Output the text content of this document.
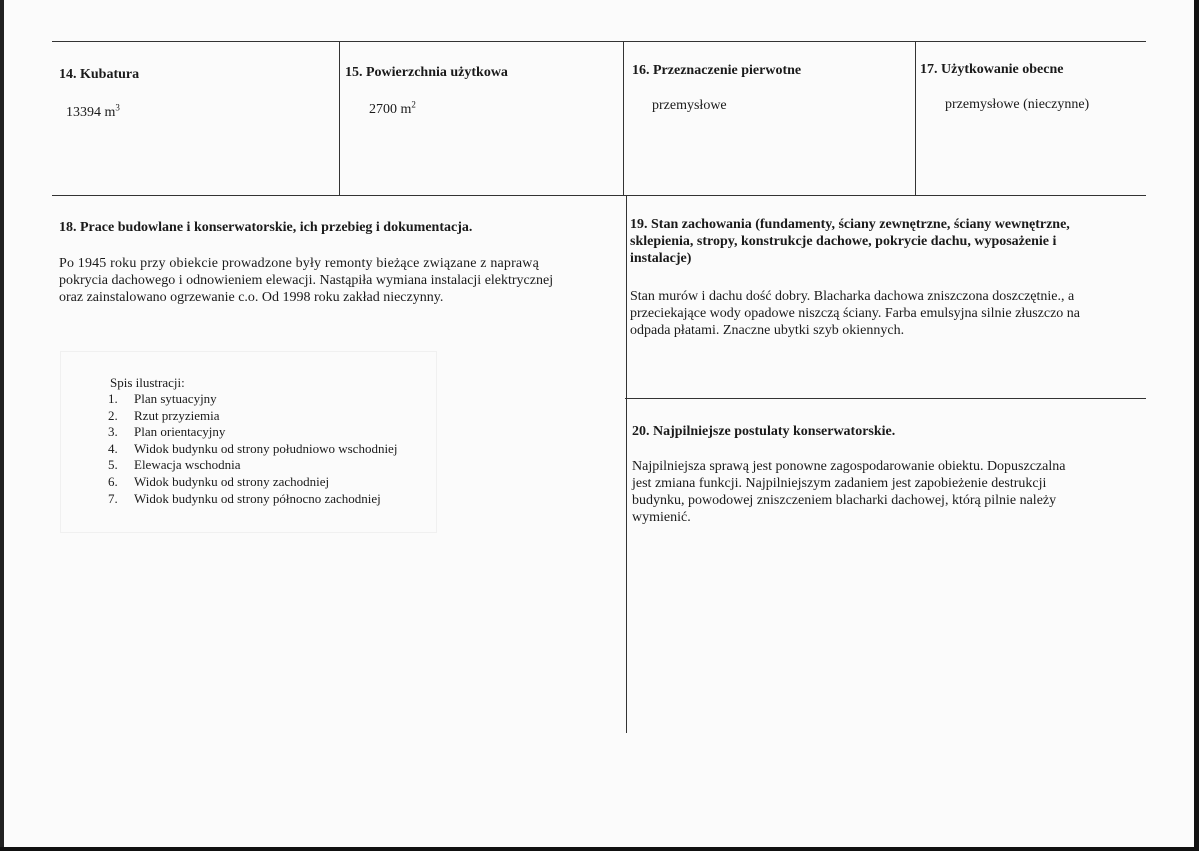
14. Kubatura
13394 $m^3$
15. Powierzchnia użytkowa
2700 $m^2$
16. Przeznaczenie pierwotne
przemysłowe
17. Użytkowanie obecne
przemysłowe (nieczynne)
18. Prace budowlane i konserwatorskie, ich przebieg i dokumentacja.
Po 1945 roku przy obiekcie prowadzone były remonty bieżące związane z naprawą
pokrycia dachowego i odnowieniem elewacji. Nastąpiła wymiana instalacji elektrycznej
oraz zainstalowano ogrzewanie c.o. Od 1998 roku zakład nieczynny.
Spis ilustracji:
1. Plan sytuacyjny
2. Rzut przyziemia
3. Plan orientacyjny
4. Widok budynku od strony południowo wschodniej
5. Elewacja wschodnia
6. Widok budynku od strony zachodniej
7. Widok budynku od strony północno zachodniej
19. Stan zachowania (fundamenty, ściany zewnętrzne, ściany wewnętrzne,
sklepienia, stropy, konstrukcje dachowe, pokrycie dachu, wyposażenie i
instalacje)
Stan murów i dachu dość dobry. Blacharka dachowa zniszczona doszczętnie., a
przeciekające wody opadowe niszczą ściany. Farba emulsyjna silnie złuszczo na
odpada płatami. Znaczne ubytki szyb okiennych.
20. Najpilniejsze postulaty konserwatorskie.
Najpilniejsza sprawą jest ponowne zagospodarowanie obiektu. Dopuszczalna
jest zmiana funkcji. Najpilniejszym zadaniem jest zapobieżenie destrukcji
budynku, powodowej zniszczeniem blacharki dachowej, którą pilnie należy
wymienić.
